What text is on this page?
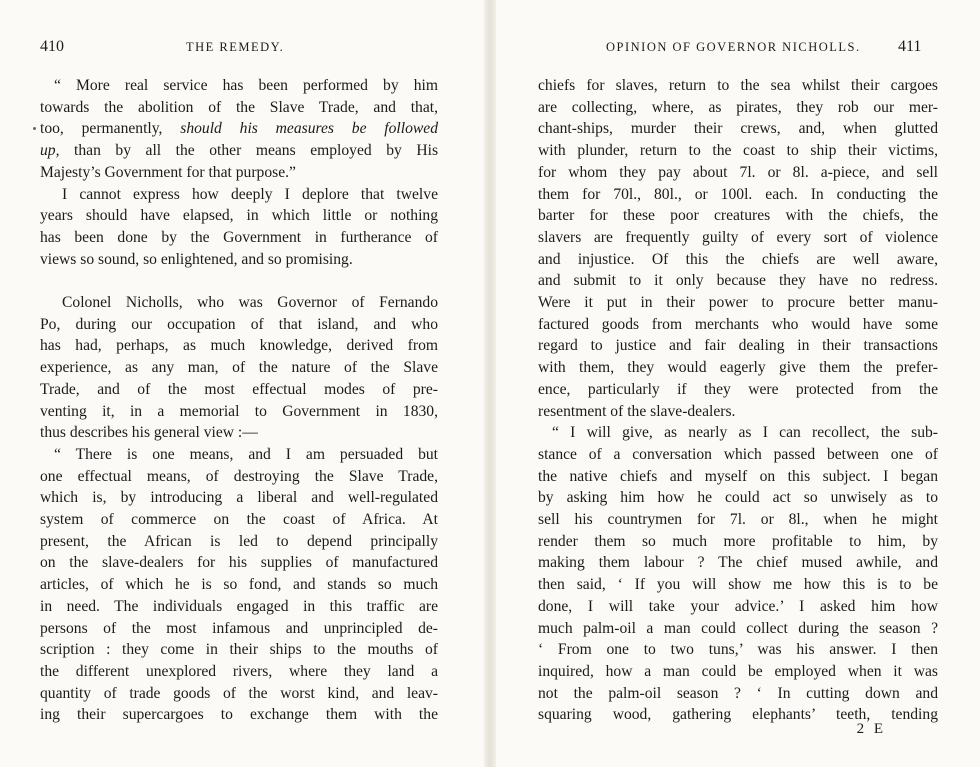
410	THE REMEDY.
“ More real service has been performed by him
towards the abolition of the Slave Trade, and that,
too, permanently, should his measures be followed
up, than by all the other means employed by His
Majesty’s Government for that purpose.”
I cannot express how deeply I deplore that twelve
years should have elapsed, in which little or nothing
has been done by the Government in furtherance of
views so sound, so enlightened, and so promising.
Colonel Nicholls, who was Governor of Fernando
Po, during our occupation of that island, and who
has had, perhaps, as much knowledge, derived from
experience, as any man, of the nature of the Slave
Trade, and of the most effectual modes of pre-
venting it, in a memorial to Government in 1830,
thus describes his general view :—
“ There is one means, and I am persuaded but
one effectual means, of destroying the Slave Trade,
which is, by introducing a liberal and well-regulated
system of commerce on the coast of Africa. At
present, the African is led to depend principally
on the slave-dealers for his supplies of manufactured
articles, of which he is so fond, and stands so much
in need. The individuals engaged in this traffic are
persons of the most infamous and unprincipled de-
scription : they come in their ships to the mouths of
the different unexplored rivers, where they land a
quantity of trade goods of the worst kind, and leav-
ing their supercargoes to exchange them with the
OPINION OF GOVERNOR NICHOLLS. 411
chiefs for slaves, return to the sea whilst their cargoes
are collecting, where, as pirates, they rob our mer-
chant-ships, murder their crews, and, when glutted
with plunder, return to the coast to ship their victims,
for whom they pay about 7l. or 8l. a-piece, and sell
them for 70l., 80l., or 100l. each. In conducting the
barter for these poor creatures with the chiefs, the
slavers are frequently guilty of every sort of violence
and injustice. Of this the chiefs are well aware,
and submit to it only because they have no redress.
Were it put in their power to procure better manu-
factured goods from merchants who would have some
regard to justice and fair dealing in their transactions
with them, they would eagerly give them the prefer-
ence, particularly if they were protected from the
resentment of the slave-dealers.
“ I will give, as nearly as I can recollect, the sub-
stance of a conversation which passed between one of
the native chiefs and myself on this subject. I began
by asking him how he could act so unwisely as to
sell his countrymen for 7l. or 8l., when he might
render them so much more profitable to him, by
making them labour ? The chief mused awhile, and
then said, ‘ If you will show me how this is to be
done, I will take your advice.’ I asked him how
much palm-oil a man could collect during the season ?
‘ From one to two tuns,’ was his answer. I then
inquired, how a man could be employed when it was
not the palm-oil season ? ‘ In cutting down and
squaring wood, gathering elephants’ teeth, tending
2 E
